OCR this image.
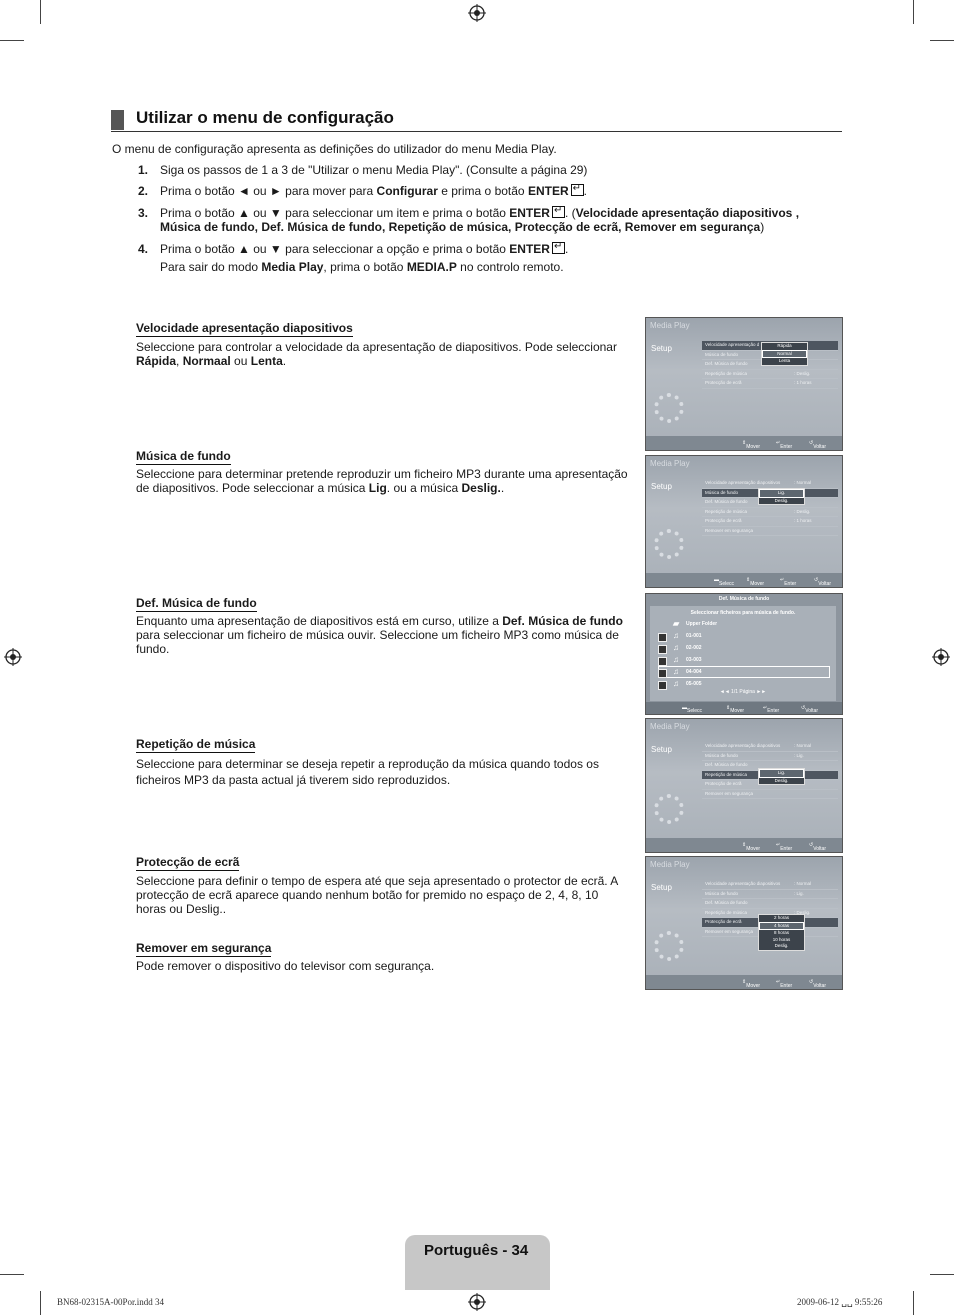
Utilizar o menu de configuração
O menu de configuração apresenta as definições do utilizador do menu Media Play.
1. Siga os passos de 1 a 3 de "Utilizar o menu Media Play". (Consulte a página 29)
2. Prima o botão ◄ ou ► para mover para Configurar e prima o botão ENTER ↵ .
3. Prima o botão ▲ ou ▼ para seleccionar um item e prima o botão ENTER ↵ . (Velocidade apresentação diapositivos , Música de fundo, Def. Música de fundo, Repetição de música, Protecção de ecrã, Remover em segurança)
4. Prima o botão ▲ ou ▼ para seleccionar a opção e prima o botão ENTER ↵ .
Para sair do modo Media Play, prima o botão MEDIA.P no controlo remoto.
Velocidade apresentação diapositivos
Seleccione para controlar a velocidade da apresentação de diapositivos. Pode seleccionar Rápida, Normaal ou Lenta.
Música de fundo
Seleccione para determinar pretende reproduzir um ficheiro MP3 durante uma apresentação de diapositivos. Pode seleccionar a música Lig. ou a música Deslig..
Def. Música de fundo
Enquanto uma apresentação de diapositivos está em curso, utilize a Def. Música de fundo para seleccionar um ficheiro de música ouvir. Seleccione um ficheiro MP3 como música de fundo.
Repetição de música
Seleccione para determinar se deseja repetir a reprodução da música quando todos os ficheiros MP3 da pasta actual já tiverem sido reproduzidos.
Protecção de ecrã
Seleccione para definir o tempo de espera até que seja apresentado o protector de ecrã. A protecção de ecrã aparece quando nenhum botão for premido no espaço de 2, 4, 8, 10 horas ou Deslig..
Remover em segurança
Pode remover o dispositivo do televisor com segurança.
Media Play
Setup	Velocidade apresentação d
Música de fundo
Def. Música de fundo
Repetição de música	: Deslig.
Protecção de ecrã	: 1 horas
Rápida
Normal
Lenta
⇕
Mover
↵
Enter
↺
Voltar
Media Play
Setup	Velocidade apresentação diapositivos	: Normal
Música de fundo
Def. Música de fundo
Repetição de música	: Deslig.
Protecção de ecrã	: 1 horas
Remover em segurança
Lig.
Deslig.
▬
Selecc
⇕
Mover
↵
Enter
↺
Voltar
Def. Música de fundo
Seleccionar ficheiros para música de fundo.
▰ Upper Folder
♫ 01-001
♫ 02-002
♫ 03-003
♫ 04-004
♫ 05-005
◄◄ 1/1 Página ►►
▬ Selecc	⇕ Mover	↵ Enter	↺ Voltar
Media Play
Setup	Velocidade apresentação diapositivos	: Normal
Música de fundo	: Lig.
Def. Música de fundo
Repetição de música
Protecção de ecrã
Remover em segurança
Lig.
Deslig.
⇕
Mover
↵
Enter
↺
Voltar
Media Play
Setup	Velocidade apresentação diapositivos	: Normal
Música de fundo	: Lig.
Def. Música de fundo
Repetição de música	: Deslig.
Protecção de ecrã
Remover em segurança
2 horas
4 horas
8 horas
10 horas
Deslig.
⇕
Mover
↵
Enter
↺
Voltar
Português - 34
BN68-02315A-00Por.indd 34	2009-06-12 ␣␣ 9:55:26
